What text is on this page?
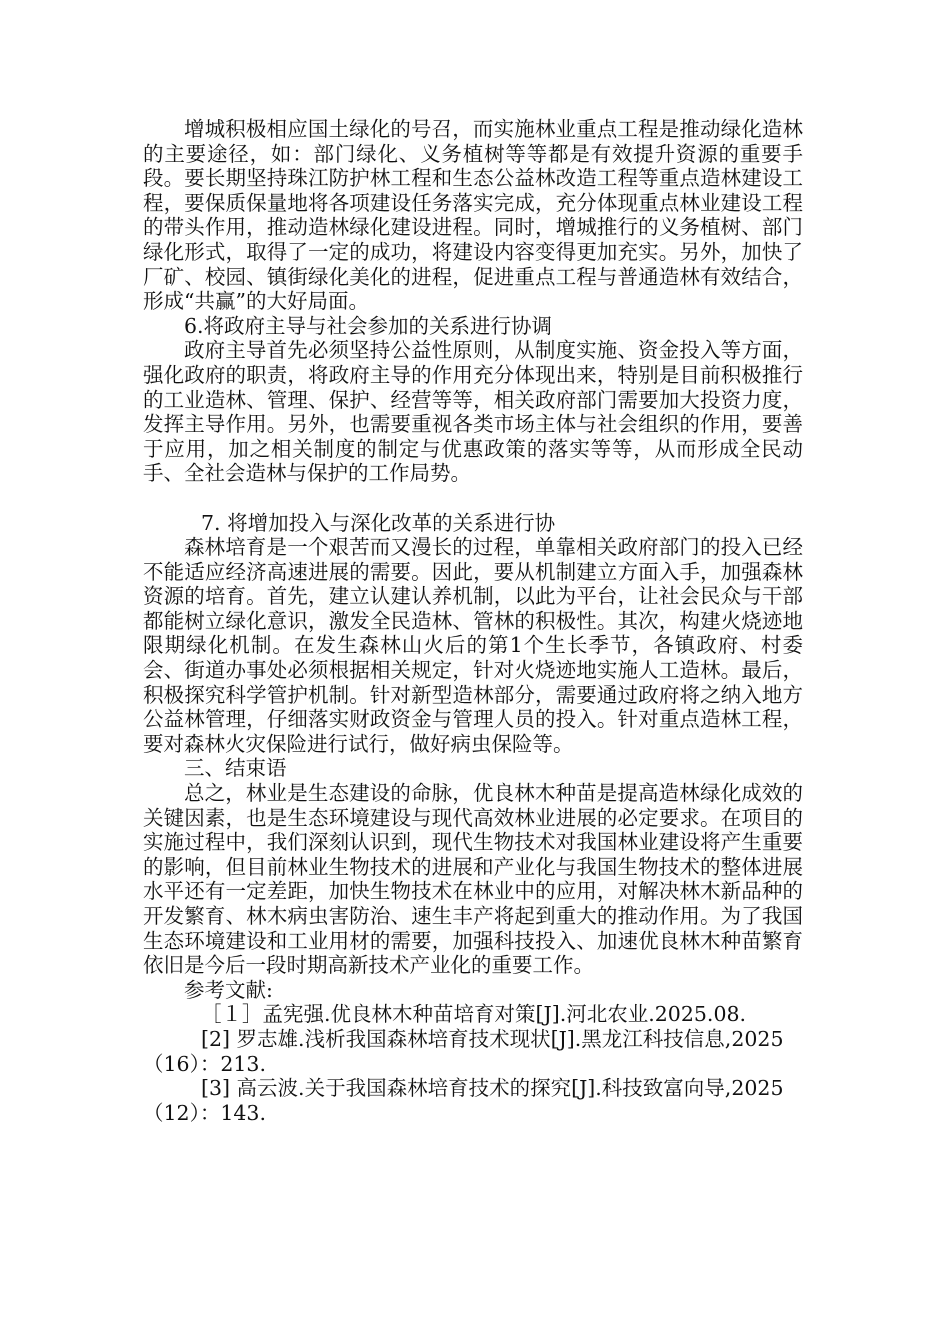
增城积极相应国土绿化的号召，而实施林业重点工程是推动绿化造林的主要途径，如：部门绿化、义务植树等等都是有效提升资源的重要手段。要长期坚持珠江防护林工程和生态公益林改造工程等重点造林建设工程，要保质保量地将各项建设任务落实完成，充分体现重点林业建设工程的带头作用，推动造林绿化建设进程。同时，增城推行的义务植树、部门绿化形式，取得了一定的成功，将建设内容变得更加充实。另外，加快了厂矿、校园、镇街绿化美化的进程，促进重点工程与普通造林有效结合，形成“共赢”的大好局面。

6.将政府主导与社会参加的关系进行协调

政府主导首先必须坚持公益性原则，从制度实施、资金投入等方面，强化政府的职责，将政府主导的作用充分体现出来，特别是目前积极推行的工业造林、管理、保护、经营等等，相关政府部门需要加大投资力度，发挥主导作用。另外，也需要重视各类市场主体与社会组织的作用，要善于应用，加之相关制度的制定与优惠政策的落实等等，从而形成全民动手、全社会造林与保护的工作局势。

7. 将增加投入与深化改革的关系进行协

森林培育是一个艰苦而又漫长的过程，单靠相关政府部门的投入已经不能适应经济高速进展的需要。因此，要从机制建立方面入手，加强森林资源的培育。首先，建立认建认养机制，以此为平台，让社会民众与干部都能树立绿化意识，激发全民造林、管林的积极性。其次，构建火烧迹地限期绿化机制。在发生森林山火后的第1个生长季节，各镇政府、村委会、街道办事处必须根据相关规定，针对火烧迹地实施人工造林。最后，积极探究科学管护机制。针对新型造林部分，需要通过政府将之纳入地方公益林管理，仔细落实财政资金与管理人员的投入。针对重点造林工程，要对森林火灾保险进行试行，做好病虫保险等。

三、结束语

总之，林业是生态建设的命脉，优良林木种苗是提高造林绿化成效的关键因素，也是生态环境建设与现代高效林业进展的必定要求。在项目的实施过程中，我们深刻认识到，现代生物技术对我国林业建设将产生重要的影响，但目前林业生物技术的进展和产业化与我国生物技术的整体进展水平还有一定差距，加快生物技术在林业中的应用，对解决林木新品种的开发繁育、林木病虫害防治、速生丰产将起到重大的推动作用。为了我国生态环境建设和工业用材的需要，加强科技投入、加速优良林木种苗繁育依旧是今后一段时期高新技术产业化的重要工作。

参考文献:

［１］孟宪强.优良林木种苗培育对策[J].河北农业.2025.08.

[2] 罗志雄.浅析我国森林培育技术现状[J].黑龙江科技信息,2025（16）：213.

[3] 高云波.关于我国森林培育技术的探究[J].科技致富向导,2025（12）：143.
